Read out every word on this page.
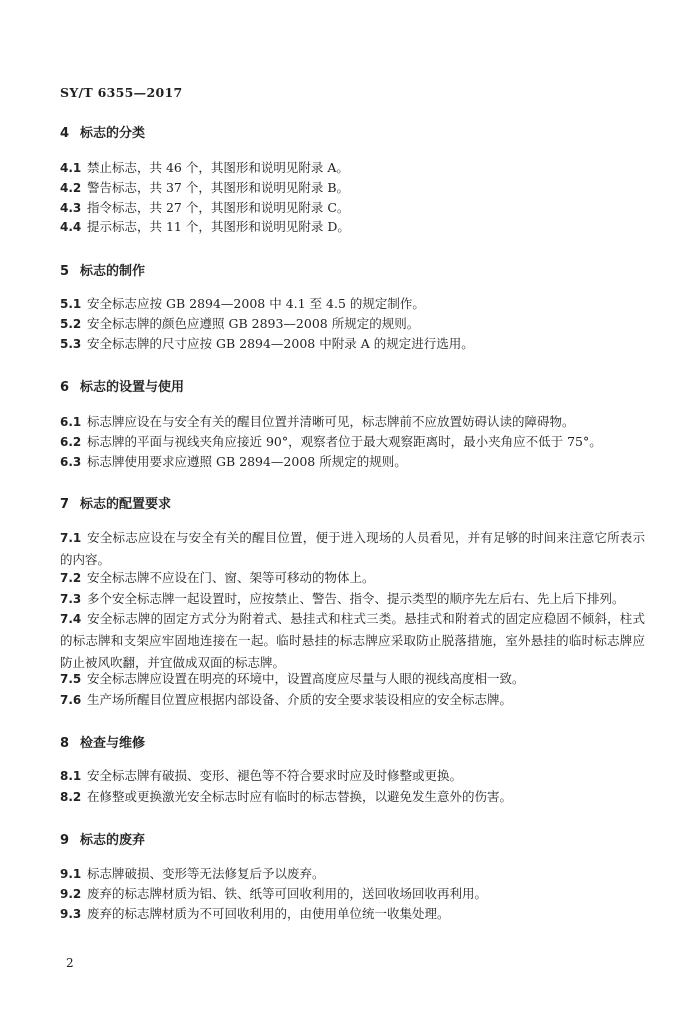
SY/T 6355—2017
4 标志的分类
4.1 禁止标志，共 46 个，其图形和说明见附录 A。
4.2 警告标志，共 37 个，其图形和说明见附录 B。
4.3 指令标志，共 27 个，其图形和说明见附录 C。
4.4 提示标志，共 11 个，其图形和说明见附录 D。
5 标志的制作
5.1 安全标志应按 GB 2894—2008 中 4.1 至 4.5 的规定制作。
5.2 安全标志牌的颜色应遵照 GB 2893—2008 所规定的规则。
5.3 安全标志牌的尺寸应按 GB 2894—2008 中附录 A 的规定进行选用。
6 标志的设置与使用
6.1 标志牌应设在与安全有关的醒目位置并清晰可见，标志牌前不应放置妨碍认读的障碍物。
6.2 标志牌的平面与视线夹角应接近 90°，观察者位于最大观察距离时，最小夹角应不低于 75°。
6.3 标志牌使用要求应遵照 GB 2894—2008 所规定的规则。
7 标志的配置要求
7.1 安全标志应设在与安全有关的醒目位置，便于进入现场的人员看见，并有足够的时间来注意它所表示的内容。
7.2 安全标志牌不应设在门、窗、架等可移动的物体上。
7.3 多个安全标志牌一起设置时，应按禁止、警告、指令、提示类型的顺序先左后右、先上后下排列。
7.4 安全标志牌的固定方式分为附着式、悬挂式和柱式三类。悬挂式和附着式的固定应稳固不倾斜，柱式的标志牌和支架应牢固地连接在一起。临时悬挂的标志牌应采取防止脱落措施，室外悬挂的临时标志牌应防止被风吹翻，并宜做成双面的标志牌。
7.5 安全标志牌应设置在明亮的环境中，设置高度应尽量与人眼的视线高度相一致。
7.6 生产场所醒目位置应根据内部设备、介质的安全要求装设相应的安全标志牌。
8 检查与维修
8.1 安全标志牌有破损、变形、褪色等不符合要求时应及时修整或更换。
8.2 在修整或更换激光安全标志时应有临时的标志替换，以避免发生意外的伤害。
9 标志的废弃
9.1 标志牌破损、变形等无法修复后予以废弃。
9.2 废弃的标志牌材质为铝、铁、纸等可回收利用的，送回收场回收再利用。
9.3 废弃的标志牌材质为不可回收利用的，由使用单位统一收集处理。
2
